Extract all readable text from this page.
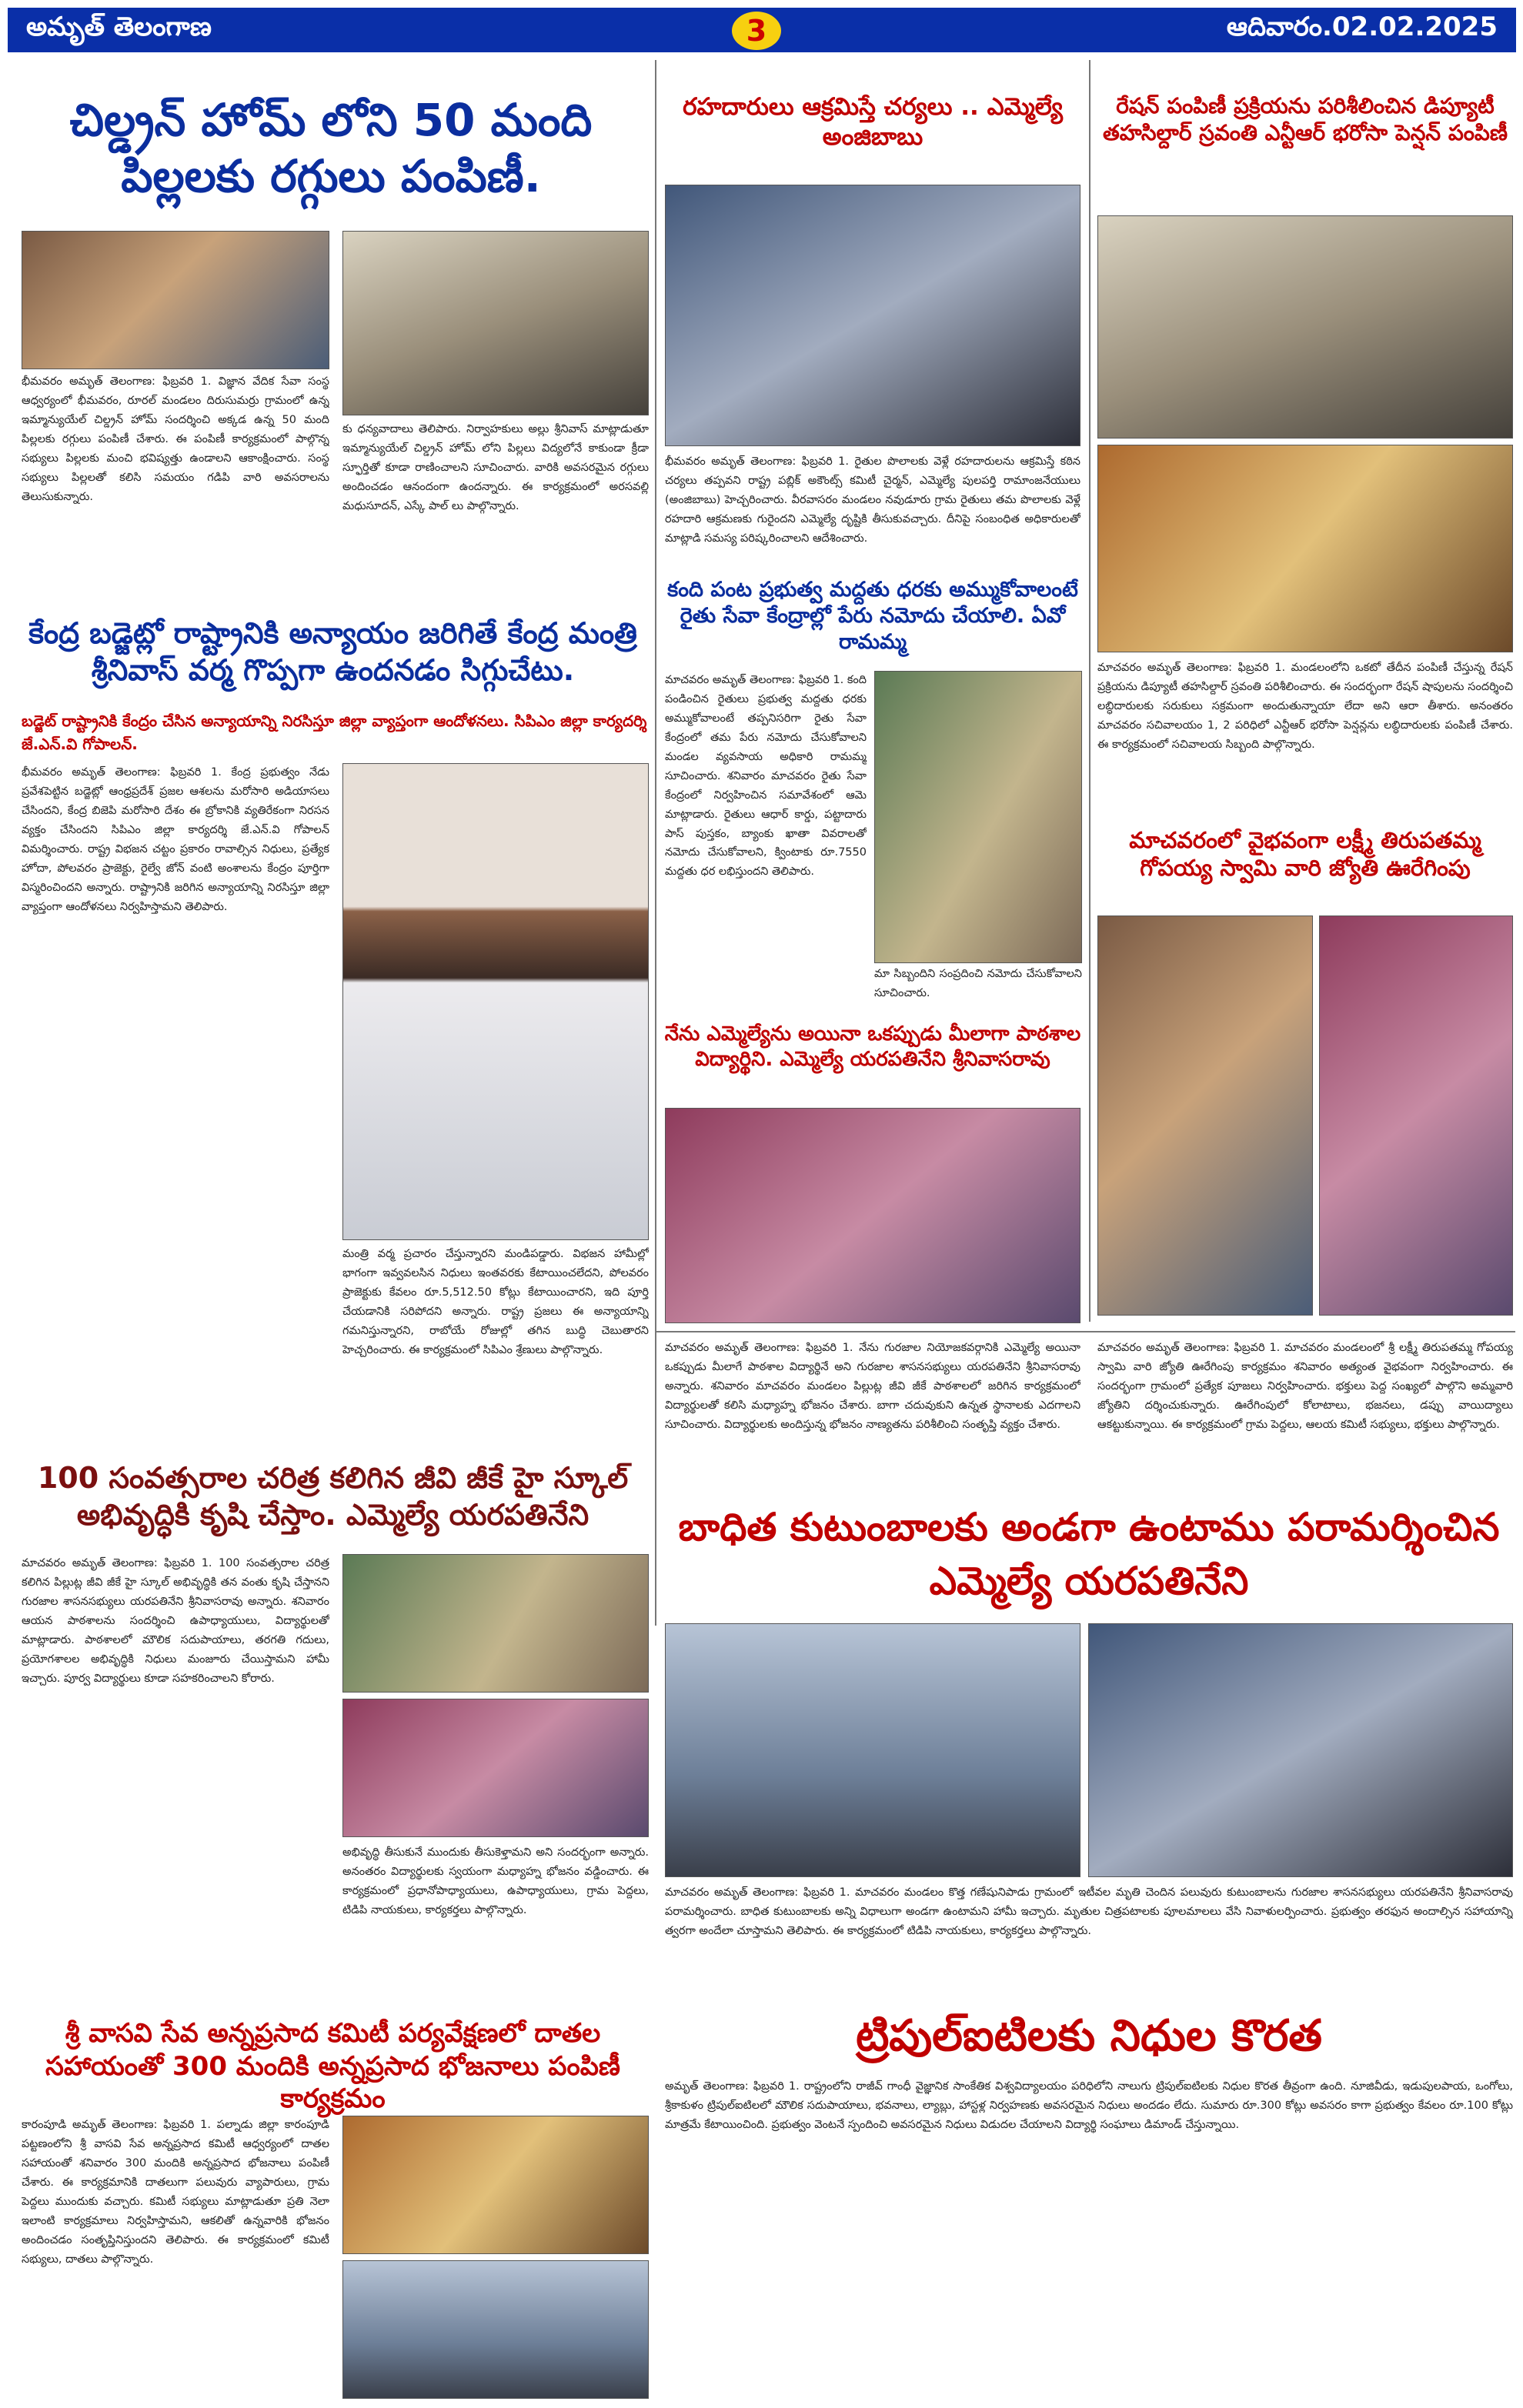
అమృత్ తెలంగాణ	ఆదివారం.02.02.2025
3
చిల్డ్రన్ హోమ్ లోని 50 మంది పిల్లలకు రగ్గులు పంపిణీ.
భీమవరం అమృత్ తెలంగాణ: ఫిబ్రవరి 1. విజ్ఞాన వేదిక సేవా సంస్థ ఆధ్వర్యంలో భీమవరం, రూరల్ మండలం దిరుసుమర్రు గ్రామంలో ఉన్న ఇమ్మాన్యుయేల్ చిల్డ్రన్ హోమ్ సందర్శించి అక్కడ ఉన్న 50 మంది పిల్లలకు రగ్గులు పంపిణీ చేశారు. ఈ పంపిణీ కార్యక్రమంలో పాల్గొన్న సభ్యులు పిల్లలకు మంచి భవిష్యత్తు ఉండాలని ఆకాంక్షించారు. సంస్థ సభ్యులు పిల్లలతో కలిసి సమయం గడిపి వారి అవసరాలను తెలుసుకున్నారు.
కు ధన్యవాదాలు తెలిపారు. నిర్వాహకులు అల్లు శ్రీనివాస్ మాట్లాడుతూ ఇమ్మాన్యుయేల్ చిల్డ్రన్ హోమ్ లోని పిల్లలు విద్యలోనే కాకుండా క్రీడా స్ఫూర్తితో కూడా రాణించాలని సూచించారు. వారికి అవసరమైన రగ్గులు అందించడం ఆనందంగా ఉందన్నారు. ఈ కార్యక్రమంలో అరసవల్లి మధుసూదన్, ఎస్కే పాల్ లు పాల్గొన్నారు.
కేంద్ర బడ్జెట్లో రాష్ట్రానికి అన్యాయం జరిగితే కేంద్ర మంత్రి శ్రీనివాస్ వర్మ గొప్పగా ఉందనడం సిగ్గుచేటు.
బడ్జెట్ రాష్ట్రానికి కేంద్రం చేసిన అన్యాయాన్ని నిరసిస్తూ జిల్లా వ్యాప్తంగా ఆందోళనలు. సిపిఎం జిల్లా కార్యదర్శి జే.ఎన్.వి గోపాలన్.
భీమవరం అమృత్ తెలంగాణ: ఫిబ్రవరి 1. కేంద్ర ప్రభుత్వం నేడు ప్రవేశపెట్టిన బడ్జెట్లో ఆంధ్రప్రదేశ్ ప్రజల ఆశలను మరోసారి అడియాసలు చేసిందని, కేంద్ర బిజెపి మరోసారి దేశం ఈ బ్రోకానికి వ్యతిరేకంగా నిరసన వ్యక్తం చేసిందని సిపిఎం జిల్లా కార్యదర్శి జే.ఎన్.వి గోపాలన్ విమర్శించారు. రాష్ట్ర విభజన చట్టం ప్రకారం రావాల్సిన నిధులు, ప్రత్యేక హోదా, పోలవరం ప్రాజెక్టు, రైల్వే జోన్ వంటి అంశాలను కేంద్రం పూర్తిగా విస్మరించిందని అన్నారు. రాష్ట్రానికి జరిగిన అన్యాయాన్ని నిరసిస్తూ జిల్లా వ్యాప్తంగా ఆందోళనలు నిర్వహిస్తామని తెలిపారు.
మంత్రి వర్మ ప్రచారం చేస్తున్నారని మండిపడ్డారు. విభజన హామీల్లో భాగంగా ఇవ్వవలసిన నిధులు ఇంతవరకు కేటాయించలేదని, పోలవరం ప్రాజెక్టుకు కేవలం రూ.5,512.50 కోట్లు కేటాయించారని, ఇది పూర్తి చేయడానికి సరిపోదని అన్నారు. రాష్ట్ర ప్రజలు ఈ అన్యాయాన్ని గమనిస్తున్నారని, రాబోయే రోజుల్లో తగిన బుద్ధి చెబుతారని హెచ్చరించారు. ఈ కార్యక్రమంలో సిపిఎం శ్రేణులు పాల్గొన్నారు.
100 సంవత్సరాల చరిత్ర కలిగిన జీవి జీకే హై స్కూల్ అభివృద్ధికి కృషి చేస్తాం. ఎమ్మెల్యే యరపతినేని
మాచవరం అమృత్ తెలంగాణ: ఫిబ్రవరి 1. 100 సంవత్సరాల చరిత్ర కలిగిన పిల్లుట్ల జీవి జీకే హై స్కూల్ అభివృద్ధికి తన వంతు కృషి చేస్తానని గురజాల శాసనసభ్యులు యరపతినేని శ్రీనివాసరావు అన్నారు. శనివారం ఆయన పాఠశాలను సందర్శించి ఉపాధ్యాయులు, విద్యార్థులతో మాట్లాడారు. పాఠశాలలో మౌలిక సదుపాయాలు, తరగతి గదులు, ప్రయోగశాలల అభివృద్ధికి నిధులు మంజూరు చేయిస్తామని హామీ ఇచ్చారు. పూర్వ విద్యార్థులు కూడా సహకరించాలని కోరారు.
అభివృద్ధి తీసుకునే ముందుకు తీసుకెళ్తామని అని సందర్భంగా అన్నారు. అనంతరం విద్యార్థులకు స్వయంగా మధ్యాహ్న భోజనం వడ్డించారు. ఈ కార్యక్రమంలో ప్రధానోపాధ్యాయులు, ఉపాధ్యాయులు, గ్రామ పెద్దలు, టిడిపి నాయకులు, కార్యకర్తలు పాల్గొన్నారు.
శ్రీ వాసవి సేవ అన్నప్రసాద కమిటీ పర్యవేక్షణలో దాతల సహాయంతో 300 మందికి అన్నప్రసాద భోజనాలు పంపిణీ కార్యక్రమం
కారంపూడి అమృత్ తెలంగాణ: ఫిబ్రవరి 1. పల్నాడు జిల్లా కారంపూడి పట్టణంలోని శ్రీ వాసవి సేవ అన్నప్రసాద కమిటీ ఆధ్వర్యంలో దాతల సహాయంతో శనివారం 300 మందికి అన్నప్రసాద భోజనాలు పంపిణీ చేశారు. ఈ కార్యక్రమానికి దాతలుగా పలువురు వ్యాపారులు, గ్రామ పెద్దలు ముందుకు వచ్చారు. కమిటీ సభ్యులు మాట్లాడుతూ ప్రతి నెలా ఇలాంటి కార్యక్రమాలు నిర్వహిస్తామని, ఆకలితో ఉన్నవారికి భోజనం అందించడం సంతృప్తినిస్తుందని తెలిపారు. ఈ కార్యక్రమంలో కమిటీ సభ్యులు, దాతలు పాల్గొన్నారు.
రహదారులు ఆక్రమిస్తే చర్యలు .. ఎమ్మెల్యే అంజిబాబు
భీమవరం అమృత్ తెలంగాణ: ఫిబ్రవరి 1. రైతుల పొలాలకు వెళ్లే రహదారులను ఆక్రమిస్తే కఠిన చర్యలు తప్పవని రాష్ట్ర పబ్లిక్ అకౌంట్స్ కమిటీ చైర్మన్, ఎమ్మెల్యే పులపర్తి రామాంజనేయులు (అంజిబాబు) హెచ్చరించారు. వీరవాసరం మండలం నవుడూరు గ్రామ రైతులు తమ పొలాలకు వెళ్లే రహదారి ఆక్రమణకు గురైందని ఎమ్మెల్యే దృష్టికి తీసుకువచ్చారు. దీనిపై సంబంధిత అధికారులతో మాట్లాడి సమస్య పరిష్కరించాలని ఆదేశించారు.
కంది పంట ప్రభుత్వ మద్దతు ధరకు అమ్ముకోవాలంటే రైతు సేవా కేంద్రాల్లో పేరు నమోదు చేయాలి. ఏవో రామమ్మ
మాచవరం అమృత్ తెలంగాణ: ఫిబ్రవరి 1. కంది పండించిన రైతులు ప్రభుత్వ మద్దతు ధరకు అమ్ముకోవాలంటే తప్పనిసరిగా రైతు సేవా కేంద్రంలో తమ పేరు నమోదు చేసుకోవాలని మండల వ్యవసాయ అధికారి రామమ్మ సూచించారు. శనివారం మాచవరం రైతు సేవా కేంద్రంలో నిర్వహించిన సమావేశంలో ఆమె మాట్లాడారు. రైతులు ఆధార్ కార్డు, పట్టాదారు పాస్ పుస్తకం, బ్యాంకు ఖాతా వివరాలతో నమోదు చేసుకోవాలని, క్వింటాకు రూ.7550 మద్దతు ధర లభిస్తుందని తెలిపారు.
మా సిబ్బందిని సంప్రదించి నమోదు చేసుకోవాలని సూచించారు.
నేను ఎమ్మెల్యేను అయినా ఒకప్పుడు మీలాగా పాఠశాల విద్యార్థిని. ఎమ్మెల్యే యరపతినేని శ్రీనివాసరావు
రేషన్ పంపిణీ ప్రక్రియను పరిశీలించిన డిప్యూటీ తహసిల్దార్ స్రవంతి ఎన్టీఆర్ భరోసా పెన్షన్ పంపిణీ
మాచవరం అమృత్ తెలంగాణ: ఫిబ్రవరి 1. మండలంలోని ఒకటో తేదీన పంపిణీ చేస్తున్న రేషన్ ప్రక్రియను డిప్యూటీ తహసిల్దార్ స్రవంతి పరిశీలించారు. ఈ సందర్భంగా రేషన్ షాపులను సందర్శించి లబ్ధిదారులకు సరుకులు సక్రమంగా అందుతున్నాయా లేదా అని ఆరా తీశారు. అనంతరం మాచవరం సచివాలయం 1, 2 పరిధిలో ఎన్టీఆర్ భరోసా పెన్షన్లను లబ్ధిదారులకు పంపిణీ చేశారు. ఈ కార్యక్రమంలో సచివాలయ సిబ్బంది పాల్గొన్నారు.
మాచవరంలో వైభవంగా లక్ష్మీ తిరుపతమ్మ గోపయ్య స్వామి వారి జ్యోతి ఊరేగింపు
మాచవరం అమృత్ తెలంగాణ: ఫిబ్రవరి 1. నేను గురజాల నియోజకవర్గానికి ఎమ్మెల్యే అయినా ఒకప్పుడు మీలాగే పాఠశాల విద్యార్థినే అని గురజాల శాసనసభ్యులు యరపతినేని శ్రీనివాసరావు అన్నారు. శనివారం మాచవరం మండలం పిల్లుట్ల జీవి జీకే పాఠశాలలో జరిగిన కార్యక్రమంలో విద్యార్థులతో కలిసి మధ్యాహ్న భోజనం చేశారు. బాగా చదువుకుని ఉన్నత స్థానాలకు ఎదగాలని సూచించారు. విద్యార్థులకు అందిస్తున్న భోజనం నాణ్యతను పరిశీలించి సంతృప్తి వ్యక్తం చేశారు.
మాచవరం అమృత్ తెలంగాణ: ఫిబ్రవరి 1. మాచవరం మండలంలో శ్రీ లక్ష్మీ తిరుపతమ్మ గోపయ్య స్వామి వారి జ్యోతి ఊరేగింపు కార్యక్రమం శనివారం అత్యంత వైభవంగా నిర్వహించారు. ఈ సందర్భంగా గ్రామంలో ప్రత్యేక పూజలు నిర్వహించారు. భక్తులు పెద్ద సంఖ్యలో పాల్గొని అమ్మవారి జ్యోతిని దర్శించుకున్నారు. ఊరేగింపులో కోలాటాలు, భజనలు, డప్పు వాయిద్యాలు ఆకట్టుకున్నాయి. ఈ కార్యక్రమంలో గ్రామ పెద్దలు, ఆలయ కమిటీ సభ్యులు, భక్తులు పాల్గొన్నారు.
బాధిత కుటుంబాలకు అండగా ఉంటాము పరామర్శించిన ఎమ్మెల్యే యరపతినేని
మాచవరం అమృత్ తెలంగాణ: ఫిబ్రవరి 1. మాచవరం మండలం కొత్త గణేషునిపాడు గ్రామంలో ఇటీవల మృతి చెందిన పలువురు కుటుంబాలను గురజాల శాసనసభ్యులు యరపతినేని శ్రీనివాసరావు పరామర్శించారు. బాధిత కుటుంబాలకు అన్ని విధాలుగా అండగా ఉంటామని హామీ ఇచ్చారు. మృతుల చిత్రపటాలకు పూలమాలలు వేసి నివాళులర్పించారు. ప్రభుత్వం తరఫున అందాల్సిన సహాయాన్ని త్వరగా అందేలా చూస్తామని తెలిపారు. ఈ కార్యక్రమంలో టిడిపి నాయకులు, కార్యకర్తలు పాల్గొన్నారు.
ట్రిపుల్ఐటిలకు నిధుల కొరత
అమృత్ తెలంగాణ: ఫిబ్రవరి 1. రాష్ట్రంలోని రాజీవ్ గాంధీ వైజ్ఞానిక సాంకేతిక విశ్వవిద్యాలయం పరిధిలోని నాలుగు ట్రిపుల్ఐటిలకు నిధుల కొరత తీవ్రంగా ఉంది. నూజివీడు, ఇడుపులపాయ, ఒంగోలు, శ్రీకాకుళం ట్రిపుల్ఐటిలలో మౌలిక సదుపాయాలు, భవనాలు, ల్యాబ్లు, హాస్టళ్ల నిర్వహణకు అవసరమైన నిధులు అందడం లేదు. సుమారు రూ.300 కోట్లు అవసరం కాగా ప్రభుత్వం కేవలం రూ.100 కోట్లు మాత్రమే కేటాయించింది. ప్రభుత్వం వెంటనే స్పందించి అవసరమైన నిధులు విడుదల చేయాలని విద్యార్థి సంఘాలు డిమాండ్ చేస్తున్నాయి.
